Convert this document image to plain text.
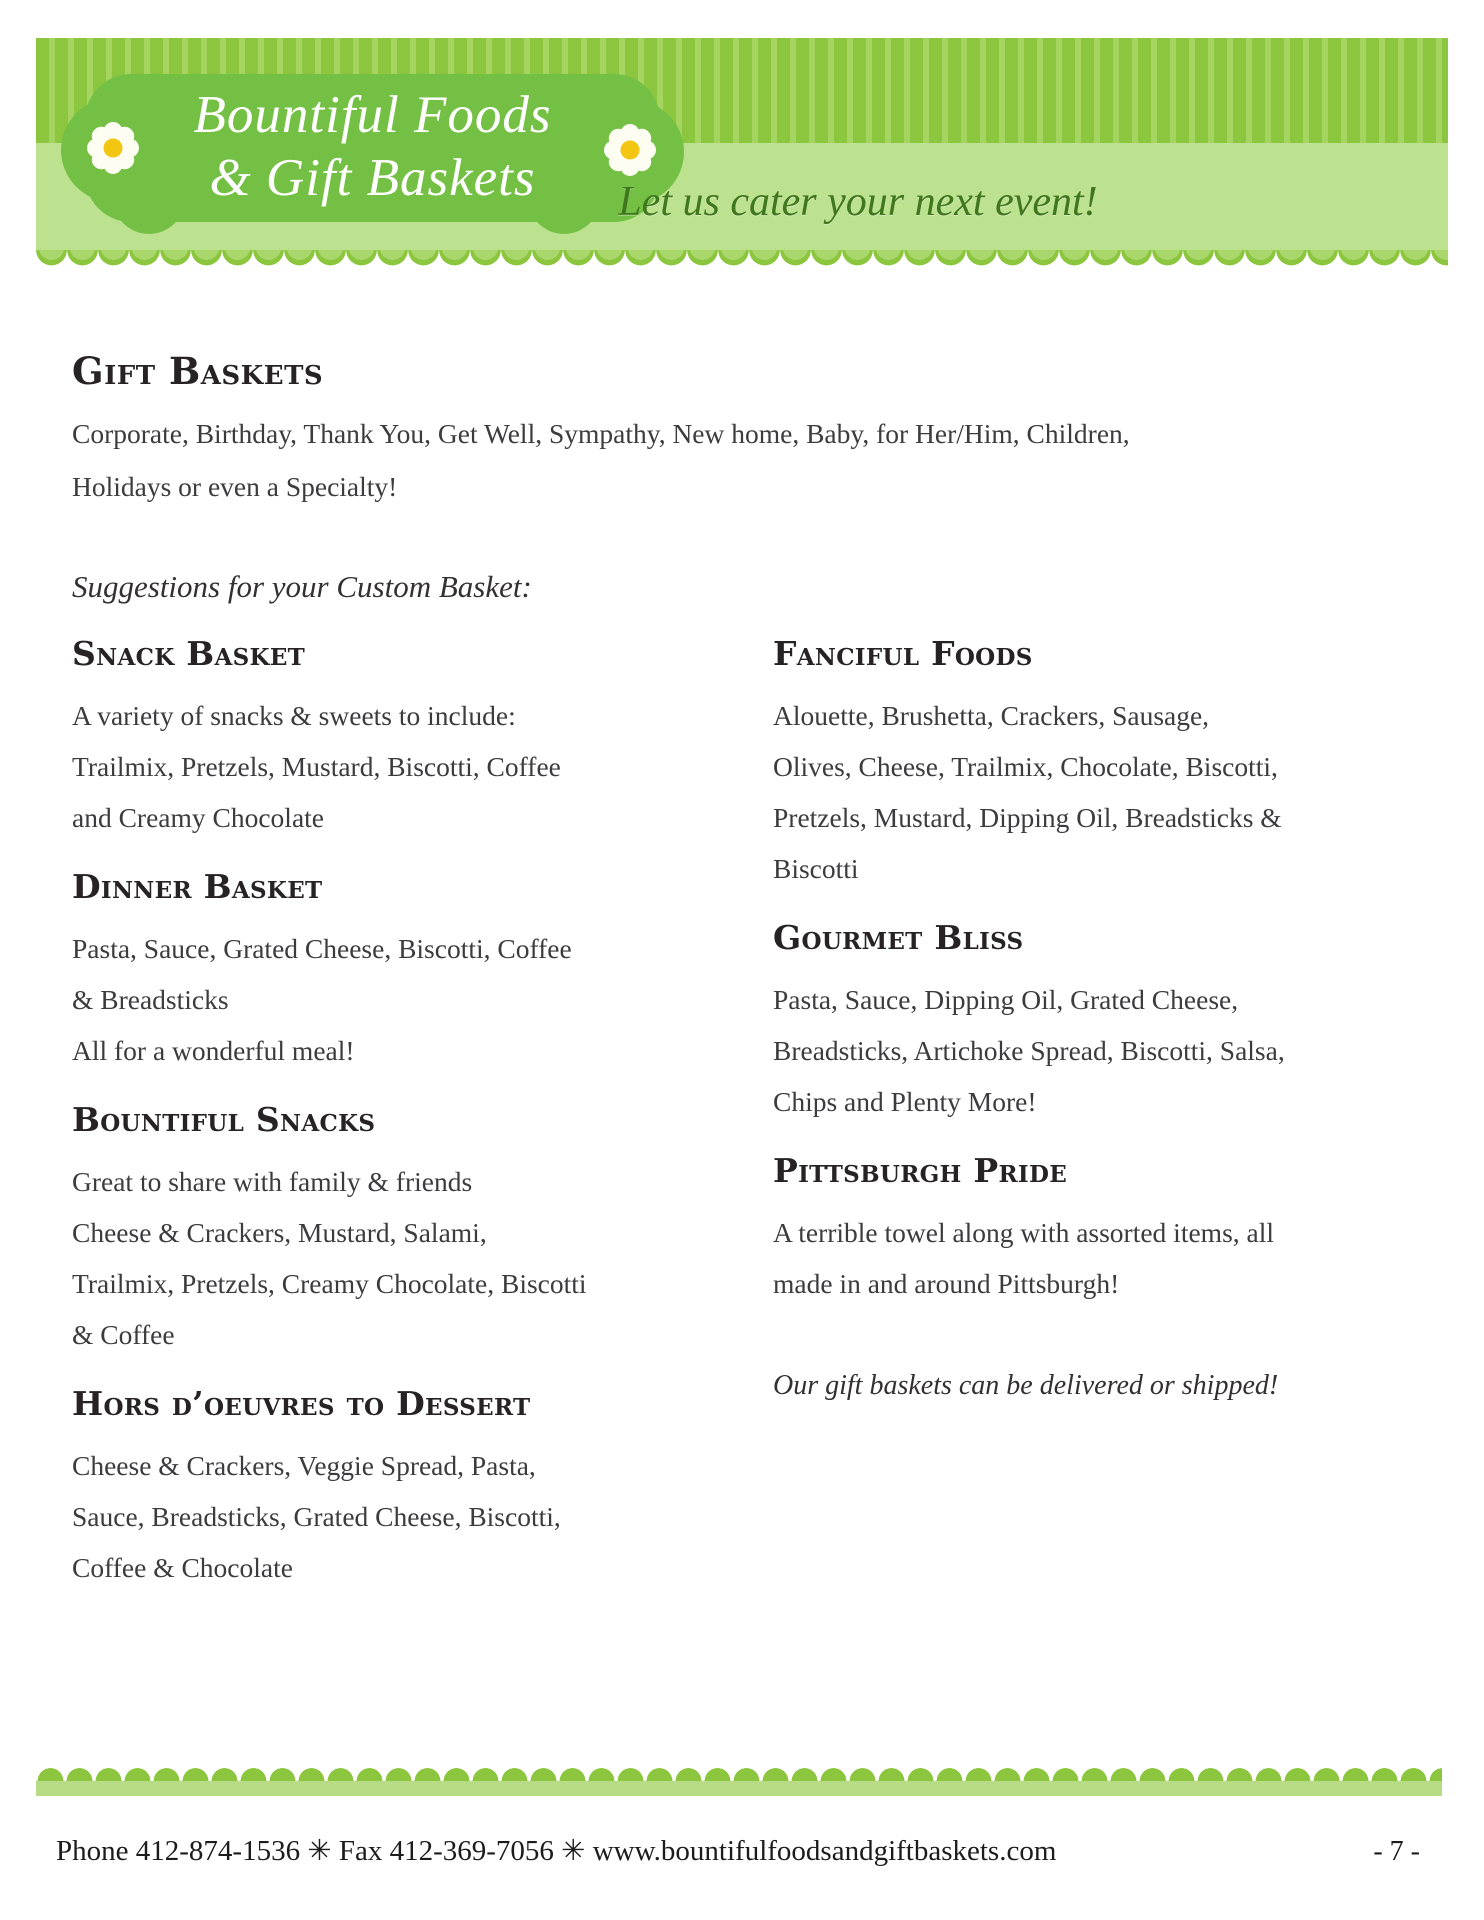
Bountiful Foods
& Gift Baskets	Let us cater your next event!
Gift Baskets
Corporate, Birthday, Thank You, Get Well, Sympathy, New home, Baby, for Her/Him, Children,
Holidays or even a Specialty!
Suggestions for your Custom Basket:
Snack Basket
A variety of snacks & sweets to include:
Trailmix, Pretzels, Mustard, Biscotti, Coffee
and Creamy Chocolate
Dinner Basket
Pasta, Sauce, Grated Cheese, Biscotti, Coffee
& Breadsticks
All for a wonderful meal!
Bountiful Snacks
Great to share with family & friends
Cheese & Crackers, Mustard, Salami,
Trailmix, Pretzels, Creamy Chocolate, Biscotti
& Coffee
Hors d’oeuvres to Dessert
Cheese & Crackers, Veggie Spread, Pasta,
Sauce, Breadsticks, Grated Cheese, Biscotti,
Coffee & Chocolate
Fanciful Foods
Alouette, Brushetta, Crackers, Sausage,
Olives, Cheese, Trailmix, Chocolate, Biscotti,
Pretzels, Mustard, Dipping Oil, Breadsticks &
Biscotti
Gourmet Bliss
Pasta, Sauce, Dipping Oil, Grated Cheese,
Breadsticks, Artichoke Spread, Biscotti, Salsa,
Chips and Plenty More!
Pittsburgh Pride
A terrible towel along with assorted items, all
made in and around Pittsburgh!
Our gift baskets can be delivered or shipped!
Phone 412-874-1536 ✳ Fax 412-369-7056 ✳ www.bountifulfoodsandgiftbaskets.com	- 7 -
